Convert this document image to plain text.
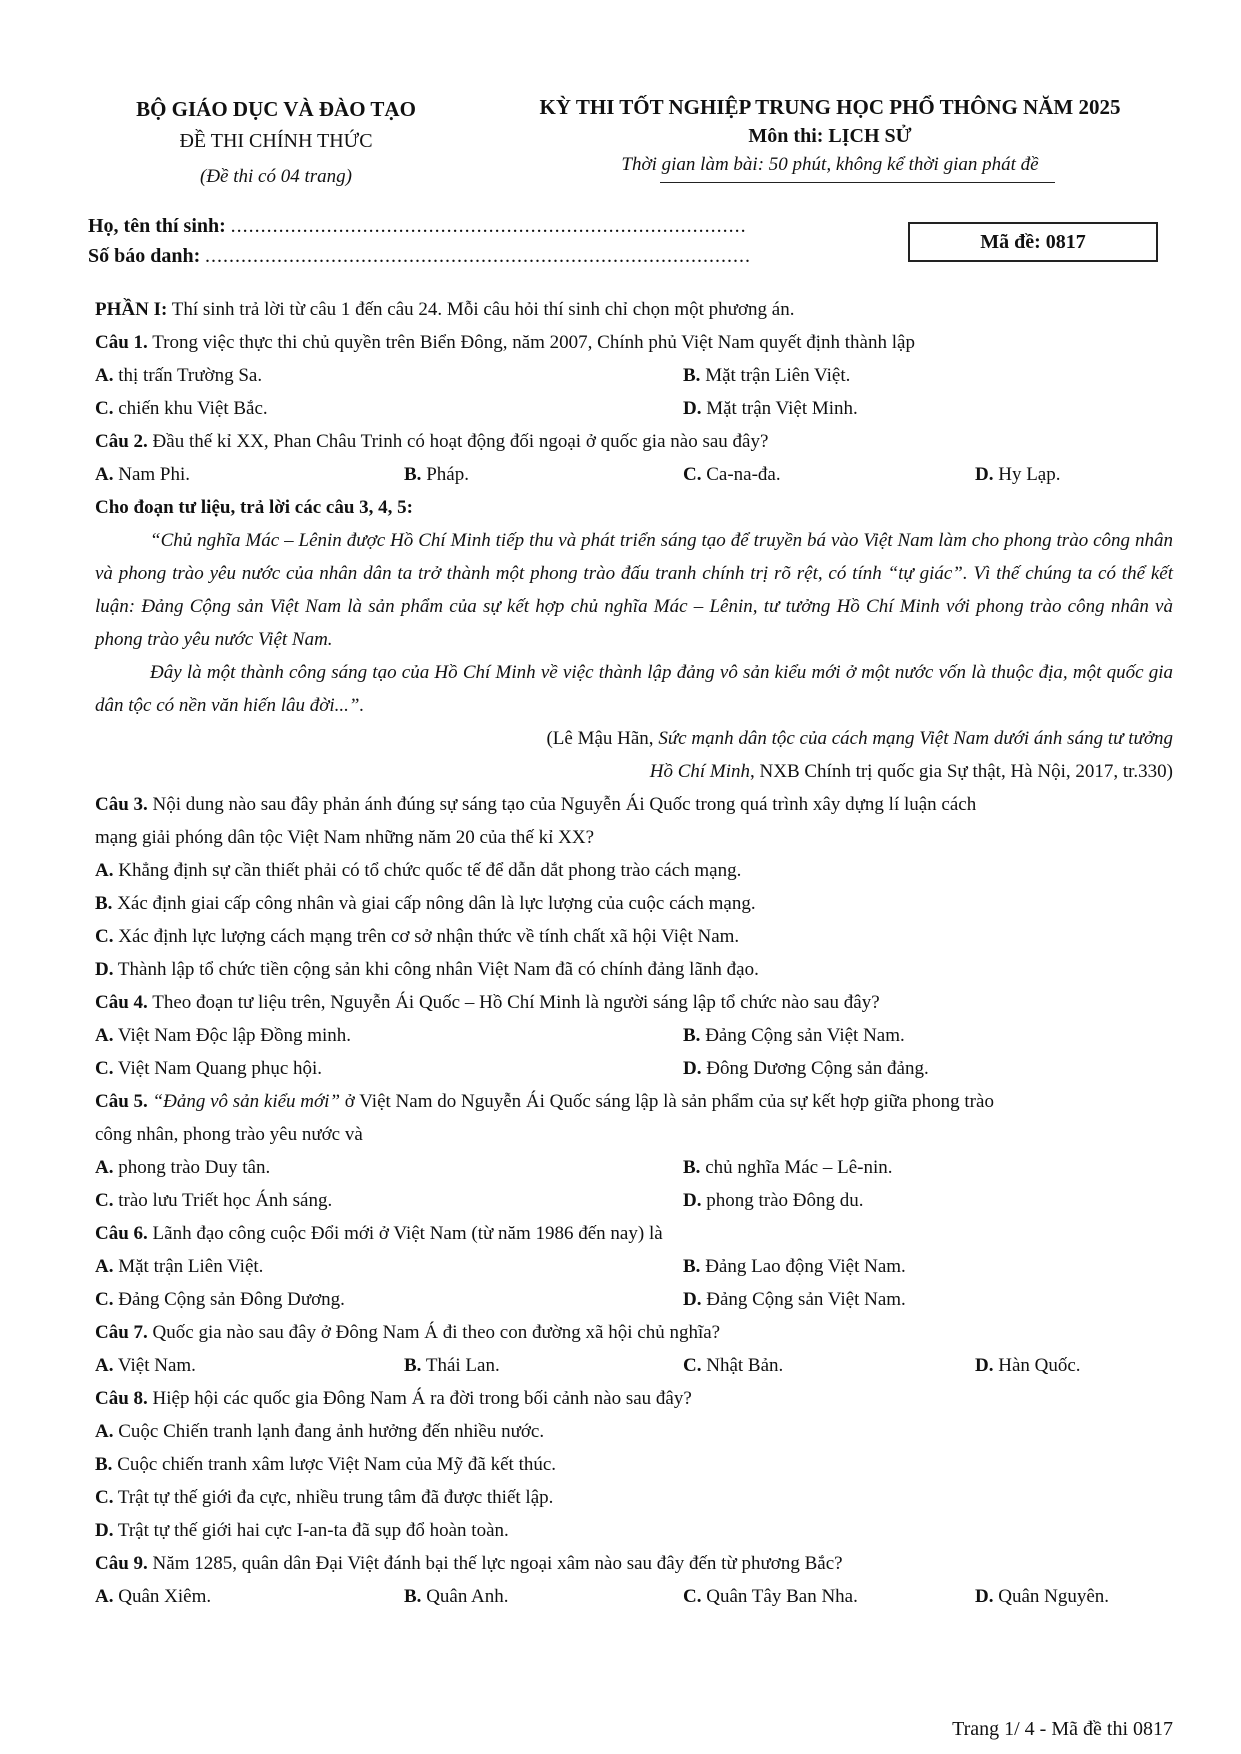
BỘ GIÁO DỤC VÀ ĐÀO TẠO
ĐỀ THI CHÍNH THỨC
(Đề thi có 04 trang)
KỲ THI TỐT NGHIỆP TRUNG HỌC PHỔ THÔNG NĂM 2025
Môn thi: LỊCH SỬ
Thời gian làm bài: 50 phút, không kể thời gian phát đề
Họ, tên thí sinh: ......................................................................................
Số báo danh: ...........................................................................................
Mã đề: 0817
PHẦN I: Thí sinh trả lời từ câu 1 đến câu 24. Mỗi câu hỏi thí sinh chỉ chọn một phương án.
Câu 1. Trong việc thực thi chủ quyền trên Biển Đông, năm 2007, Chính phủ Việt Nam quyết định thành lập
A. thị trấn Trường Sa.	B. Mặt trận Liên Việt.
C. chiến khu Việt Bắc.	D. Mặt trận Việt Minh.
Câu 2. Đầu thế kỉ XX, Phan Châu Trinh có hoạt động đối ngoại ở quốc gia nào sau đây?
A. Nam Phi.	B. Pháp.	C. Ca-na-đa.	D. Hy Lạp.
Cho đoạn tư liệu, trả lời các câu 3, 4, 5:

“Chủ nghĩa Mác – Lênin được Hồ Chí Minh tiếp thu và phát triển sáng tạo để truyền bá vào Việt Nam làm cho phong trào công nhân và phong trào yêu nước của nhân dân ta trở thành một phong trào đấu tranh chính trị rõ rệt, có tính “tự giác”. Vì thế chúng ta có thể kết luận: Đảng Cộng sản Việt Nam là sản phẩm của sự kết hợp chủ nghĩa Mác – Lênin, tư tưởng Hồ Chí Minh với phong trào công nhân và phong trào yêu nước Việt Nam.

Đây là một thành công sáng tạo của Hồ Chí Minh về việc thành lập đảng vô sản kiểu mới ở một nước vốn là thuộc địa, một quốc gia dân tộc có nền văn hiến lâu đời...”.

(Lê Mậu Hãn, Sức mạnh dân tộc của cách mạng Việt Nam dưới ánh sáng tư tưởng
Hồ Chí Minh, NXB Chính trị quốc gia Sự thật, Hà Nội, 2017, tr.330)
Câu 3. Nội dung nào sau đây phản ánh đúng sự sáng tạo của Nguyễn Ái Quốc trong quá trình xây dựng lí luận cách
mạng giải phóng dân tộc Việt Nam những năm 20 của thế kỉ XX?
A. Khẳng định sự cần thiết phải có tổ chức quốc tế để dẫn dắt phong trào cách mạng.
B. Xác định giai cấp công nhân và giai cấp nông dân là lực lượng của cuộc cách mạng.
C. Xác định lực lượng cách mạng trên cơ sở nhận thức về tính chất xã hội Việt Nam.
D. Thành lập tổ chức tiền cộng sản khi công nhân Việt Nam đã có chính đảng lãnh đạo.
Câu 4. Theo đoạn tư liệu trên, Nguyễn Ái Quốc – Hồ Chí Minh là người sáng lập tổ chức nào sau đây?
A. Việt Nam Độc lập Đồng minh.	B. Đảng Cộng sản Việt Nam.
C. Việt Nam Quang phục hội.	D. Đông Dương Cộng sản đảng.
Câu 5. “Đảng vô sản kiểu mới” ở Việt Nam do Nguyễn Ái Quốc sáng lập là sản phẩm của sự kết hợp giữa phong trào
công nhân, phong trào yêu nước và
A. phong trào Duy tân.	B. chủ nghĩa Mác – Lê-nin.
C. trào lưu Triết học Ánh sáng.	D. phong trào Đông du.
Câu 6. Lãnh đạo công cuộc Đổi mới ở Việt Nam (từ năm 1986 đến nay) là
A. Mặt trận Liên Việt.	B. Đảng Lao động Việt Nam.
C. Đảng Cộng sản Đông Dương.	D. Đảng Cộng sản Việt Nam.
Câu 7. Quốc gia nào sau đây ở Đông Nam Á đi theo con đường xã hội chủ nghĩa?
A. Việt Nam.	B. Thái Lan.	C. Nhật Bản.	D. Hàn Quốc.
Câu 8. Hiệp hội các quốc gia Đông Nam Á ra đời trong bối cảnh nào sau đây?
A. Cuộc Chiến tranh lạnh đang ảnh hưởng đến nhiều nước.
B. Cuộc chiến tranh xâm lược Việt Nam của Mỹ đã kết thúc.
C. Trật tự thế giới đa cực, nhiều trung tâm đã được thiết lập.
D. Trật tự thế giới hai cực I-an-ta đã sụp đổ hoàn toàn.
Câu 9. Năm 1285, quân dân Đại Việt đánh bại thế lực ngoại xâm nào sau đây đến từ phương Bắc?
A. Quân Xiêm.	B. Quân Anh.	C. Quân Tây Ban Nha.	D. Quân Nguyên.
Trang 1/ 4 - Mã đề thi 0817
